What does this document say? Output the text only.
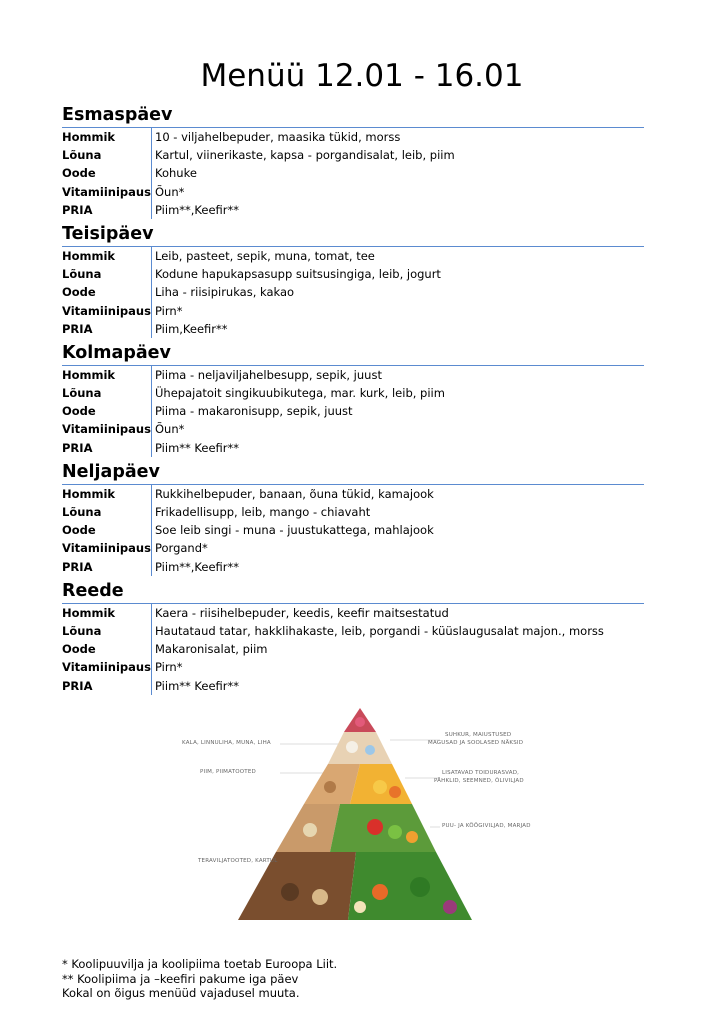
Menüü 12.01 - 16.01
Esmaspäev
Hommik	10 - viljahelbepuder, maasika tükid, morss
Lõuna	Kartul, viinerikaste, kapsa - porgandisalat, leib, piim
Oode	Kohuke
Vitamiinipaus Õun*
PRIA	Piim**,Keefir**
Teisipäev
Hommik	Leib, pasteet, sepik, muna, tomat, tee
Lõuna	Kodune hapukapsasupp suitsusingiga, leib, jogurt
Oode	Liha - riisipirukas, kakao
Vitamiinipaus Pirn*
PRIA	Piim,Keefir**
Kolmapäev
Hommik	Piima - neljaviljahelbesupp, sepik, juust
Lõuna	Ühepajatoit singikuubikutega, mar. kurk, leib, piim
Oode	Piima - makaronisupp, sepik, juust
Vitamiinipaus Õun*
PRIA	Piim** Keefir**
Neljapäev
Hommik	Rukkihelbepuder, banaan, õuna tükid, kamajook
Lõuna	Frikadellisupp, leib, mango - chiavaht
Oode	Soe leib singi - muna - juustukattega, mahlajook
Vitamiinipaus Porgand*
PRIA	Piim**,Keefir**
Reede
Hommik	Kaera - riisihelbepuder, keedis, keefir maitsestatud
Lõuna	Hautataud tatar, hakklihakaste, leib, porgandi - küüslaugusalat majon., morss
Oode	Makaronisalat, piim
Vitamiinipaus Pirn*
PRIA	Piim** Keefir**
KALA, LINNULIHA, MUNA, LIHA
PIIM, PIIMATOOTED
TERAVILJATOOTED, KARTUL
SUHKUR, MAIUSTUSED
MAGUSAD JA SOOLASED NÄKSID
LISATAVAD TOIDURASVAD,
PÄHKLID, SEEMNED, ÕLIVILJAD
PUU- JA KÖÖGIVILJAD, MARJAD
* Koolipuuvilja ja koolipiima toetab Euroopa Liit.
** Koolipiima ja –keefiri pakume iga päev
Kokal on õigus menüüd vajadusel muuta.
